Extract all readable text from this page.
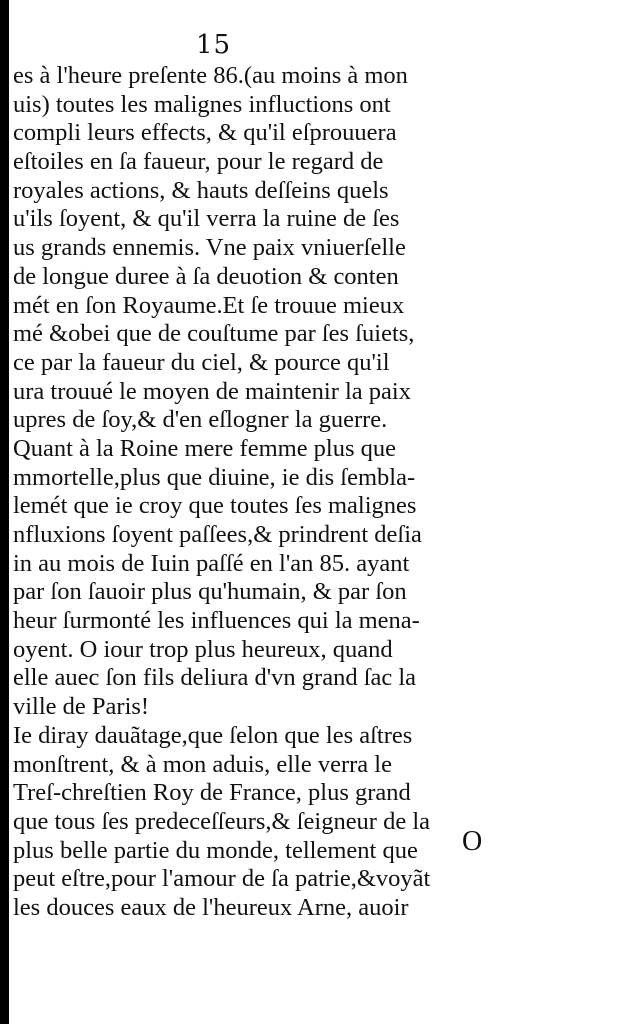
15
es à l'heure preſente 86.(au moins à mon
uis) toutes les malignes influctions ont
compli leurs effects, & qu'il eſprouuera
eſtoiles en ſa faueur, pour le regard de
royales actions, & hauts deſſeins quels
u'ils ſoyent, & qu'il verra la ruine de ſes
us grands ennemis. Vne paix vniuerſelle
de longue duree à ſa deuotion & conten
mét en ſon Royaume.Et ſe trouue mieux
mé &obei que de couſtume par ſes ſuiets,
ce par la faueur du ciel, & pource qu'il
ura trouué le moyen de maintenir la paix
upres de ſoy,& d'en eſlogner la guerre.
Quant à la Roine mere femme plus que
mmortelle,plus que diuine, ie dis ſembla-
lemét que ie croy que toutes ſes malignes
nfluxions ſoyent paſſees,& prindrent deſia
in au mois de Iuin paſſé en l'an 85. ayant
par ſon ſauoir plus qu'humain, & par ſon
heur ſurmonté les influences qui la mena-
oyent. O iour trop plus heureux, quand
elle auec ſon fils deliura d'vn grand ſac la
ville de Paris!
Ie diray dauãtage,que ſelon que les aſtres
monſtrent, & à mon aduis, elle verra le
Treſ-chreſtien Roy de France, plus grand
que tous ſes predeceſſeurs,& ſeigneur de la
plus belle partie du monde, tellement que
peut eſtre,pour l'amour de ſa patrie,&voyãt
les douces eaux de l'heureux Arne, auoir
O
